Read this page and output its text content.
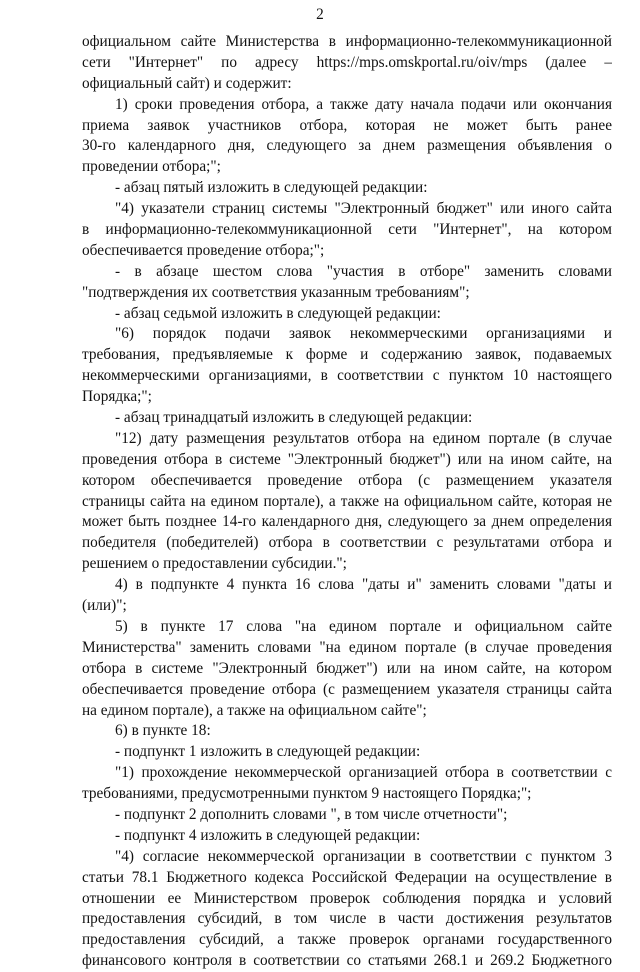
2
официальном сайте Министерства в информационно-телекоммуникационной
сети "Интернет" по адресу https://mps.omskportal.ru/oiv/mps (далее –
официальный сайт) и содержит:
1) сроки проведения отбора, а также дату начала подачи или окончания
приема заявок участников отбора, которая не может быть ранее
30-го календарного дня, следующего за днем размещения объявления о
проведении отбора;";
- абзац пятый изложить в следующей редакции:
"4) указатели страниц системы "Электронный бюджет" или иного сайта
в информационно-телекоммуникационной сети "Интернет", на котором
обеспечивается проведение отбора;";
- в абзаце шестом слова "участия в отборе" заменить словами
"подтверждения их соответствия указанным требованиям";
- абзац седьмой изложить в следующей редакции:
"6) порядок подачи заявок некоммерческими организациями и
требования, предъявляемые к форме и содержанию заявок, подаваемых
некоммерческими организациями, в соответствии с пунктом 10 настоящего
Порядка;";
- абзац тринадцатый изложить в следующей редакции:
"12) дату размещения результатов отбора на едином портале (в случае
проведения отбора в системе "Электронный бюджет") или на ином сайте, на
котором обеспечивается проведение отбора (с размещением указателя
страницы сайта на едином портале), а также на официальном сайте, которая не
может быть позднее 14-го календарного дня, следующего за днем определения
победителя (победителей) отбора в соответствии с результатами отбора и
решением о предоставлении субсидии.";
4) в подпункте 4 пункта 16 слова "даты и" заменить словами "даты и
(или)";
5) в пункте 17 слова "на едином портале и официальном сайте
Министерства" заменить словами "на едином портале (в случае проведения
отбора в системе "Электронный бюджет") или на ином сайте, на котором
обеспечивается проведение отбора (с размещением указателя страницы сайта
на едином портале), а также на официальном сайте";
6) в пункте 18:
- подпункт 1 изложить в следующей редакции:
"1) прохождение некоммерческой организацией отбора в соответствии с
требованиями, предусмотренными пунктом 9 настоящего Порядка;";
- подпункт 2 дополнить словами ", в том числе отчетности";
- подпункт 4 изложить в следующей редакции:
"4) согласие некоммерческой организации в соответствии с пунктом 3
статьи 78.1 Бюджетного кодекса Российской Федерации на осуществление в
отношении ее Министерством проверок соблюдения порядка и условий
предоставления субсидий, в том числе в части достижения результатов
предоставления субсидий, а также проверок органами государственного
финансового контроля в соответствии со статьями 268.1 и 269.2 Бюджетного
